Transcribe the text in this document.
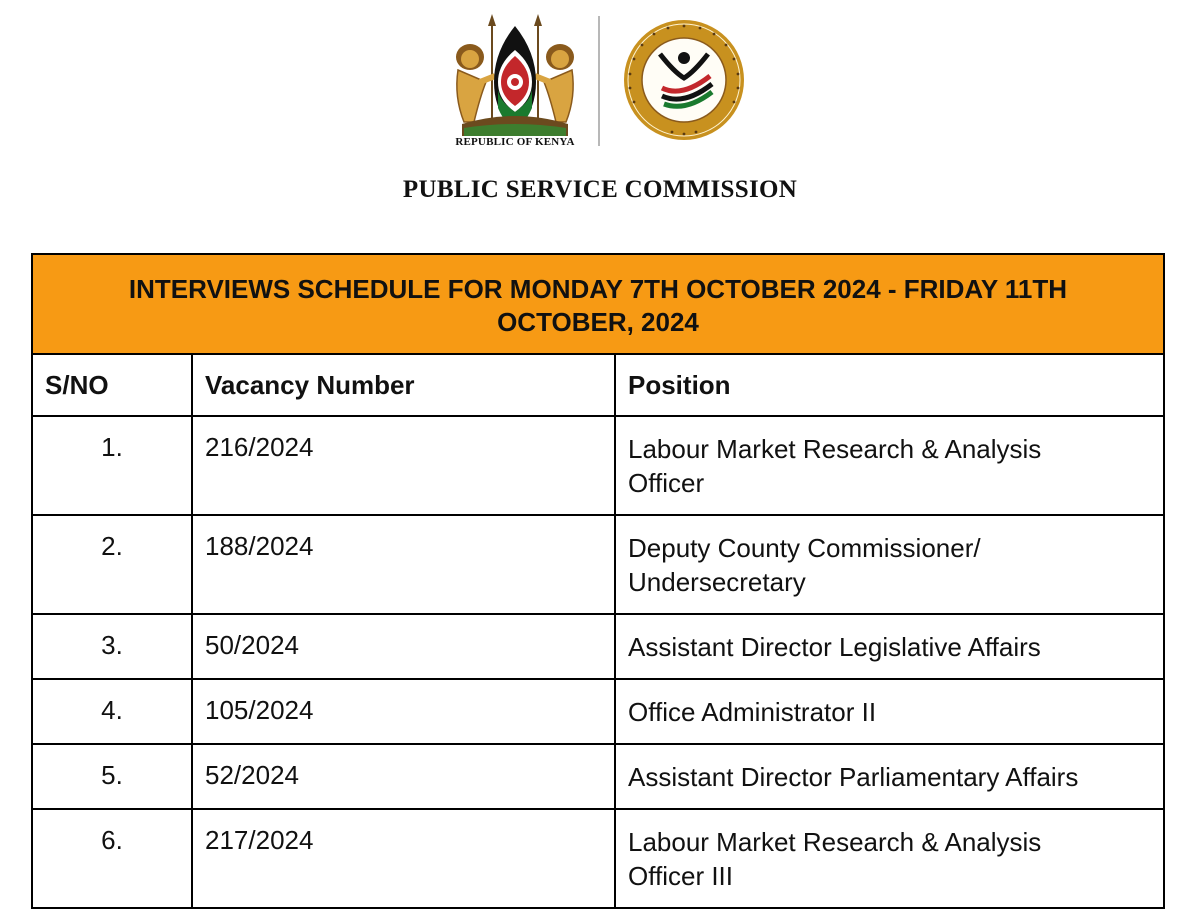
REPUBLIC OF KENYA
PUBLIC SERVICE COMMISSION
INTERVIEWS SCHEDULE FOR MONDAY 7TH OCTOBER 2024 - FRIDAY 11TH
OCTOBER, 2024		

S/NO	Vacancy Number	Position
1.	216/2024	Labour Market Research & Analysis
Officer

2.	188/2024	Deputy County Commissioner/
Undersecretary

3.	50/2024	Assistant Director Legislative Affairs

4.	105/2024	Office Administrator II

5.	52/2024	Assistant Director Parliamentary Affairs

6.	217/2024	Labour Market Research & Analysis
Officer III
